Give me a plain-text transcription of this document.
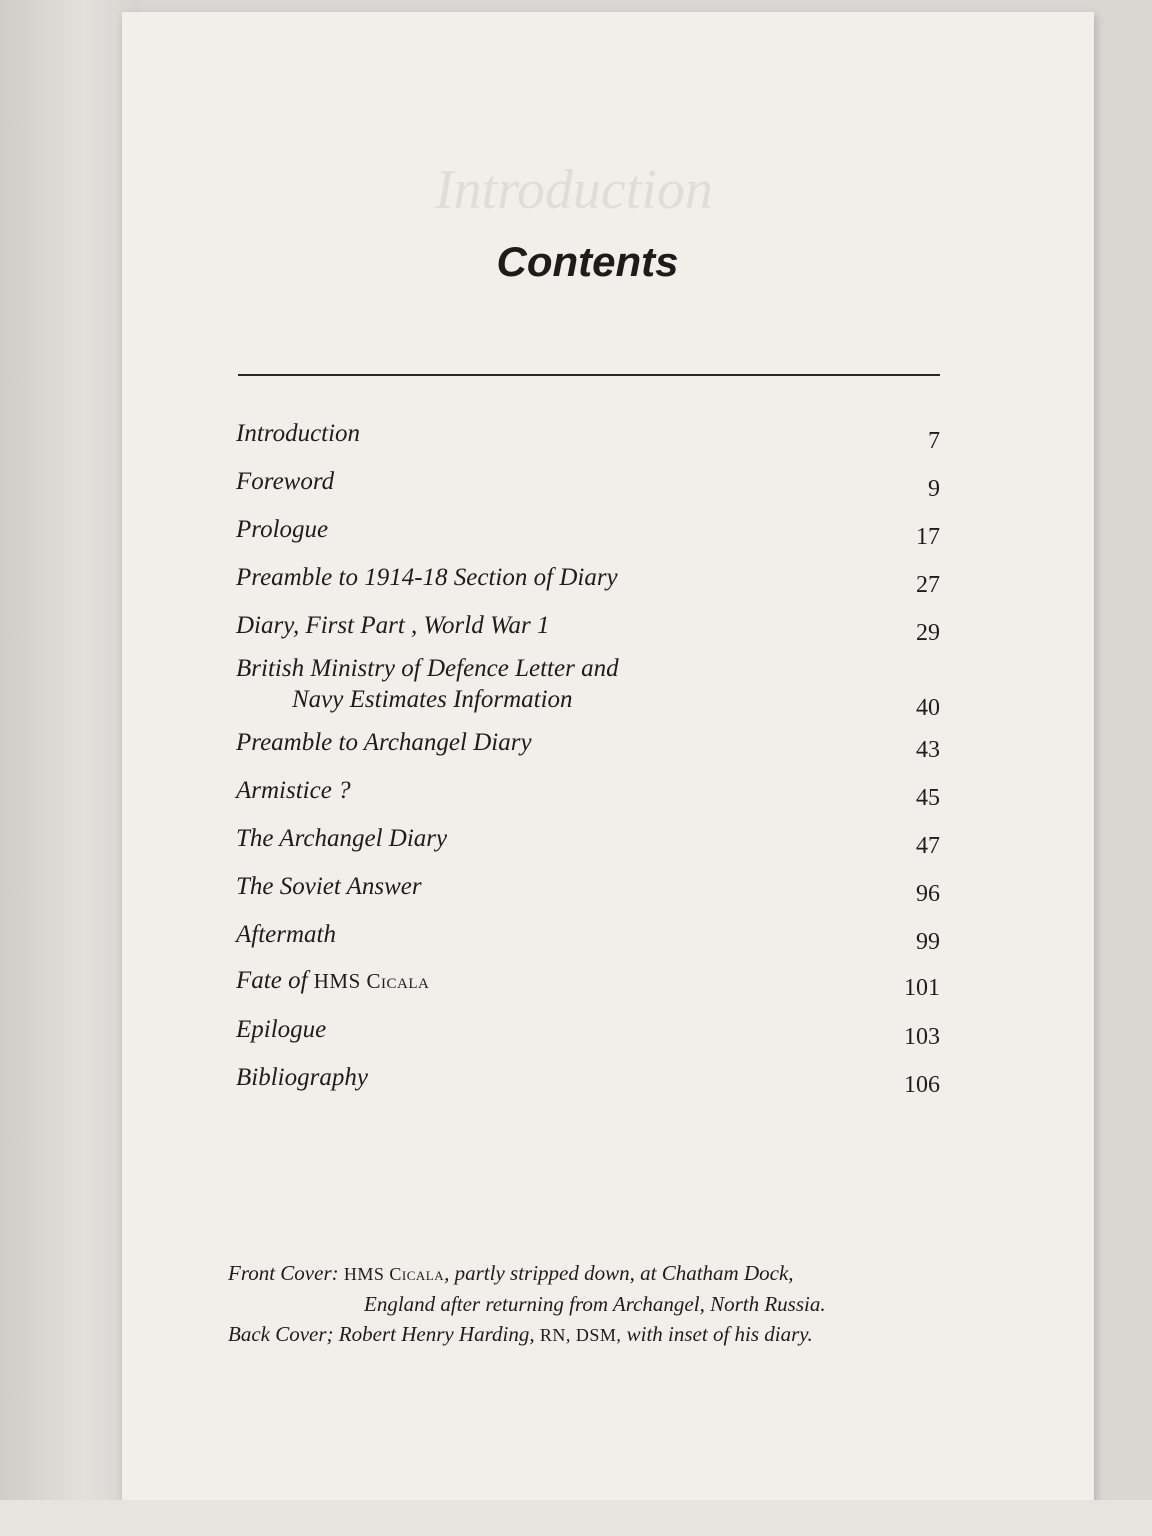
Introduction
Contents
Introduction	7
Foreword	9
Prologue	17
Preamble to 1914-18 Section of Diary	27
Diary, First Part , World War 1	29
British Ministry of Defence Letter and
Navy Estimates Information	40
Preamble to Archangel Diary	43
Armistice ?	45
The Archangel Diary	47
The Soviet Answer	96
Aftermath	99
Fate of HMS Cicala	101
Epilogue	103
Bibliography	106
Front Cover: HMS Cicala, partly stripped down, at Chatham Dock,
England after returning from Archangel, North Russia.
Back Cover; Robert Henry Harding, RN, DSM, with inset of his diary.
